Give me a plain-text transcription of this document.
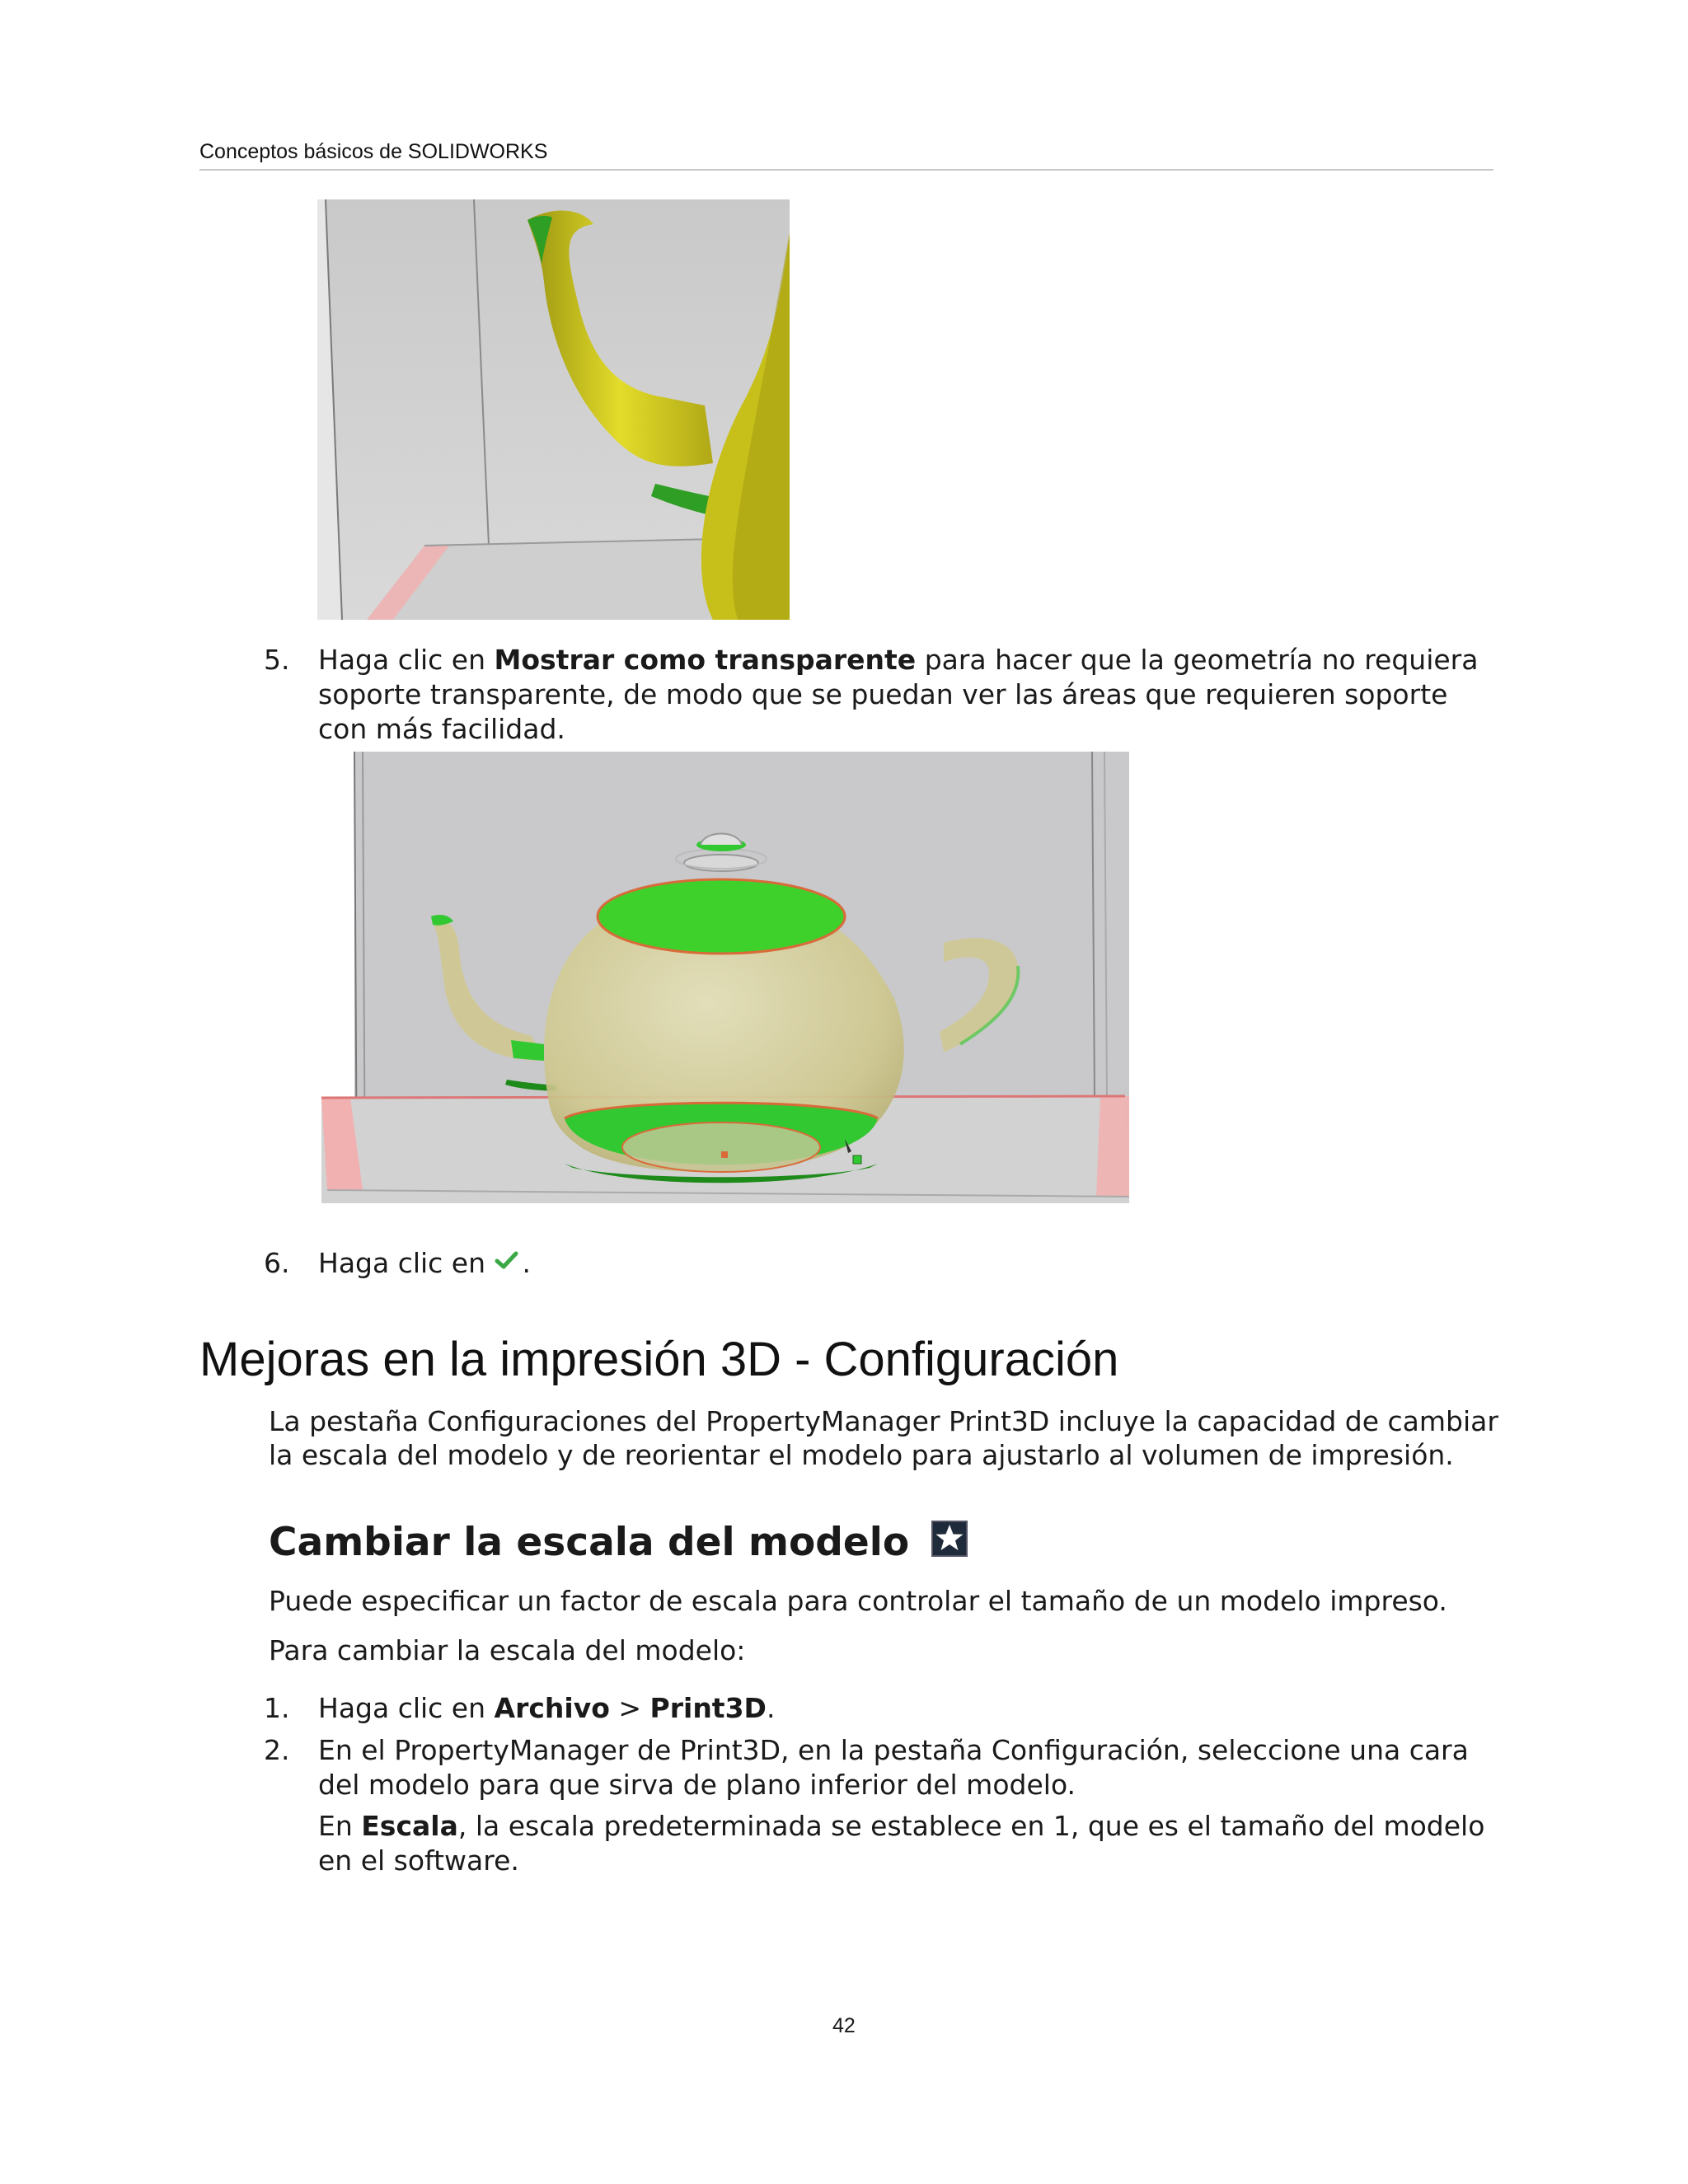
Conceptos básicos de SOLIDWORKS
5.	Haga clic en Mostrar como transparente para hacer que la geometría no requiera
soporte transparente, de modo que se puedan ver las áreas que requieren soporte
con más facilidad.
6.	Haga clic en .
Mejoras en la impresión 3D - Configuración
La pestaña Configuraciones del PropertyManager Print3D incluye la capacidad de cambiar
la escala del modelo y de reorientar el modelo para ajustarlo al volumen de impresión.
Cambiar la escala del modelo
Puede especificar un factor de escala para controlar el tamaño de un modelo impreso.
Para cambiar la escala del modelo:
1.	Haga clic en Archivo > Print3D.
2.	En el PropertyManager de Print3D, en la pestaña Configuración, seleccione una cara
del modelo para que sirva de plano inferior del modelo.
En Escala, la escala predeterminada se establece en 1, que es el tamaño del modelo
en el software.
42
